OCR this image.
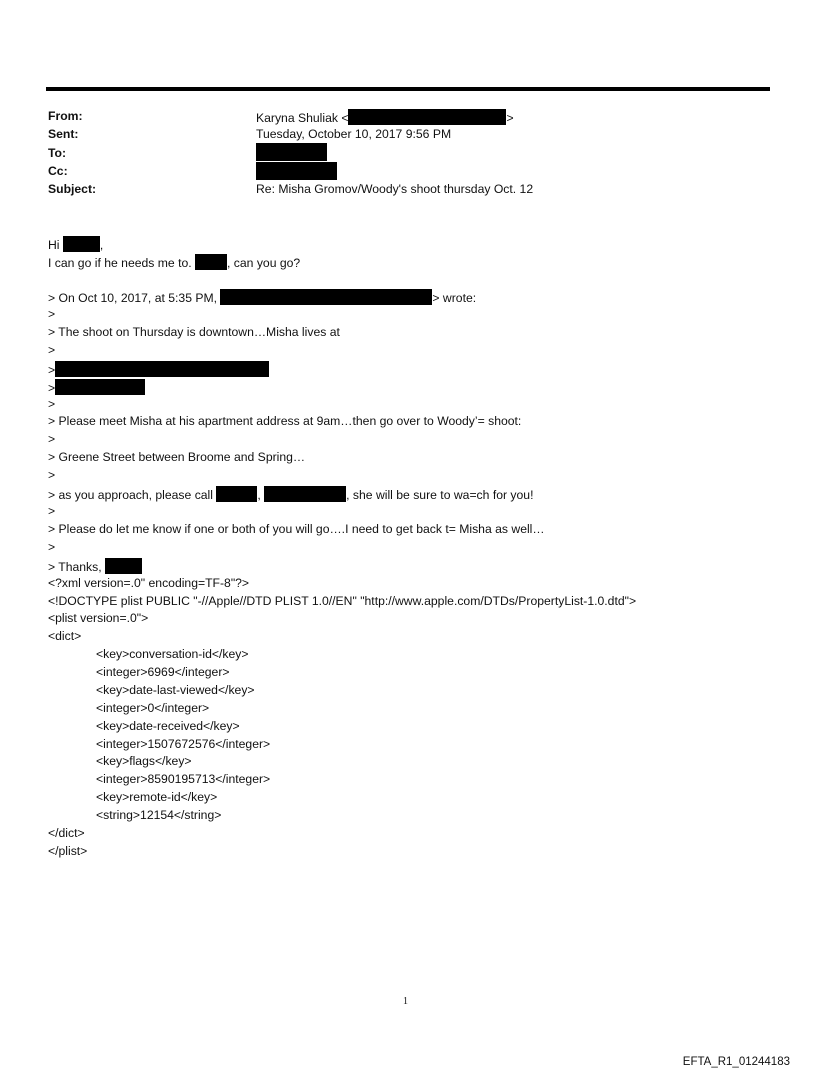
From:	Karyna Shuliak <	>
Sent:	Tuesday, October 10, 2017 9:56 PM
To:
Cc:
Subject:	Re: Misha Gromov/Woody's shoot thursday Oct. 12
Hi	,
I can go if he needs me to.	, can you go?
> On Oct 10, 2017, at 5:35 PM,	> wrote:
>
> The shoot on Thursday is downtown…Misha lives at
>
>
>
>
> Please meet Misha at his apartment address at 9am…then go over to Woody’= shoot:
>
> Greene Street between Broome and Spring…
>
> as you approach, please call	,	, she will be sure to wa=ch for you!
>
> Please do let me know if one or both of you will go….I need to get back t= Misha as well…
>
> Thanks,
<?xml version=.0" encoding=TF-8"?>
<!DOCTYPE plist PUBLIC "-//Apple//DTD PLIST 1.0//EN" "http://www.apple.com/DTDs/PropertyList-1.0.dtd">
<plist version=.0">
<dict>
<key>conversation-id</key>
<integer>6969</integer>
<key>date-last-viewed</key>
<integer>0</integer>
<key>date-received</key>
<integer>1507672576</integer>
<key>flags</key>
<integer>8590195713</integer>
<key>remote-id</key>
<string>12154</string>
</dict>
</plist>
1
EFTA_R1_01244183
